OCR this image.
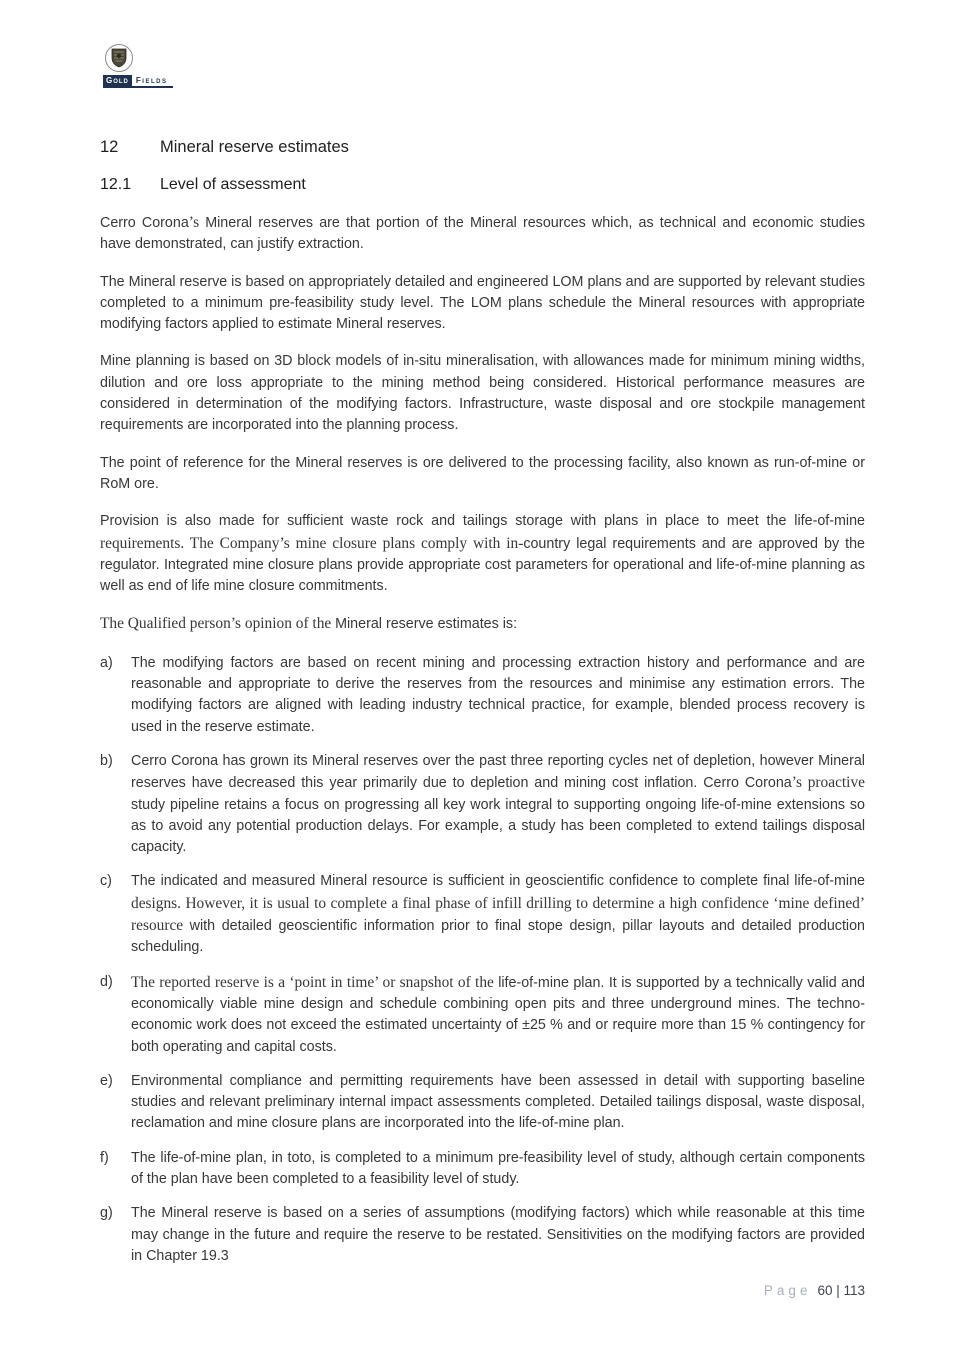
Gold Fields
12	Mineral reserve estimates
12.1	Level of assessment

Cerro Corona’s Mineral reserves are that portion of the Mineral resources which, as technical and economic studies have demonstrated, can justify extraction.

The Mineral reserve is based on appropriately detailed and engineered LOM plans and are supported by relevant studies completed to a minimum pre-feasibility study level. The LOM plans schedule the Mineral resources with appropriate modifying factors applied to estimate Mineral reserves.

Mine planning is based on 3D block models of in-situ mineralisation, with allowances made for minimum mining widths, dilution and ore loss appropriate to the mining method being considered. Historical performance measures are considered in determination of the modifying factors. Infrastructure, waste disposal and ore stockpile management requirements are incorporated into the planning process.

The point of reference for the Mineral reserves is ore delivered to the processing facility, also known as run-of-mine or RoM ore.

Provision is also made for sufficient waste rock and tailings storage with plans in place to meet the life-of-mine requirements. The Company’s mine closure plans comply with in-country legal requirements and are approved by the regulator. Integrated mine closure plans provide appropriate cost parameters for operational and life-of-mine planning as well as end of life mine closure commitments.

The Qualified person’s opinion of the Mineral reserve estimates is:

a)	The modifying factors are based on recent mining and processing extraction history and performance and are reasonable and appropriate to derive the reserves from the resources and minimise any estimation errors. The modifying factors are aligned with leading industry technical practice, for example, blended process recovery is used in the reserve estimate.
b)	Cerro Corona has grown its Mineral reserves over the past three reporting cycles net of depletion, however Mineral reserves have decreased this year primarily due to depletion and mining cost inflation. Cerro Corona’s proactive study pipeline retains a focus on progressing all key work integral to supporting ongoing life-of-mine extensions so as to avoid any potential production delays. For example, a study has been completed to extend tailings disposal capacity.
c)	The indicated and measured Mineral resource is sufficient in geoscientific confidence to complete final life-of-mine designs. However, it is usual to complete a final phase of infill drilling to determine a high confidence ‘mine defined’ resource with detailed geoscientific information prior to final stope design, pillar layouts and detailed production scheduling.
d)	The reported reserve is a ‘point in time’ or snapshot of the life-of-mine plan. It is supported by a technically valid and economically viable mine design and schedule combining open pits and three underground mines. The techno-economic work does not exceed the estimated uncertainty of ±25 % and or require more than 15 % contingency for both operating and capital costs.
e)	Environmental compliance and permitting requirements have been assessed in detail with supporting baseline studies and relevant preliminary internal impact assessments completed. Detailed tailings disposal, waste disposal, reclamation and mine closure plans are incorporated into the life-of-mine plan.
f)	The life-of-mine plan, in toto, is completed to a minimum pre-feasibility level of study, although certain components of the plan have been completed to a feasibility level of study.
g)	The Mineral reserve is based on a series of assumptions (modifying factors) which while reasonable at this time may change in the future and require the reserve to be restated. Sensitivities on the modifying factors are provided in Chapter 19.3
Page 60 | 113
